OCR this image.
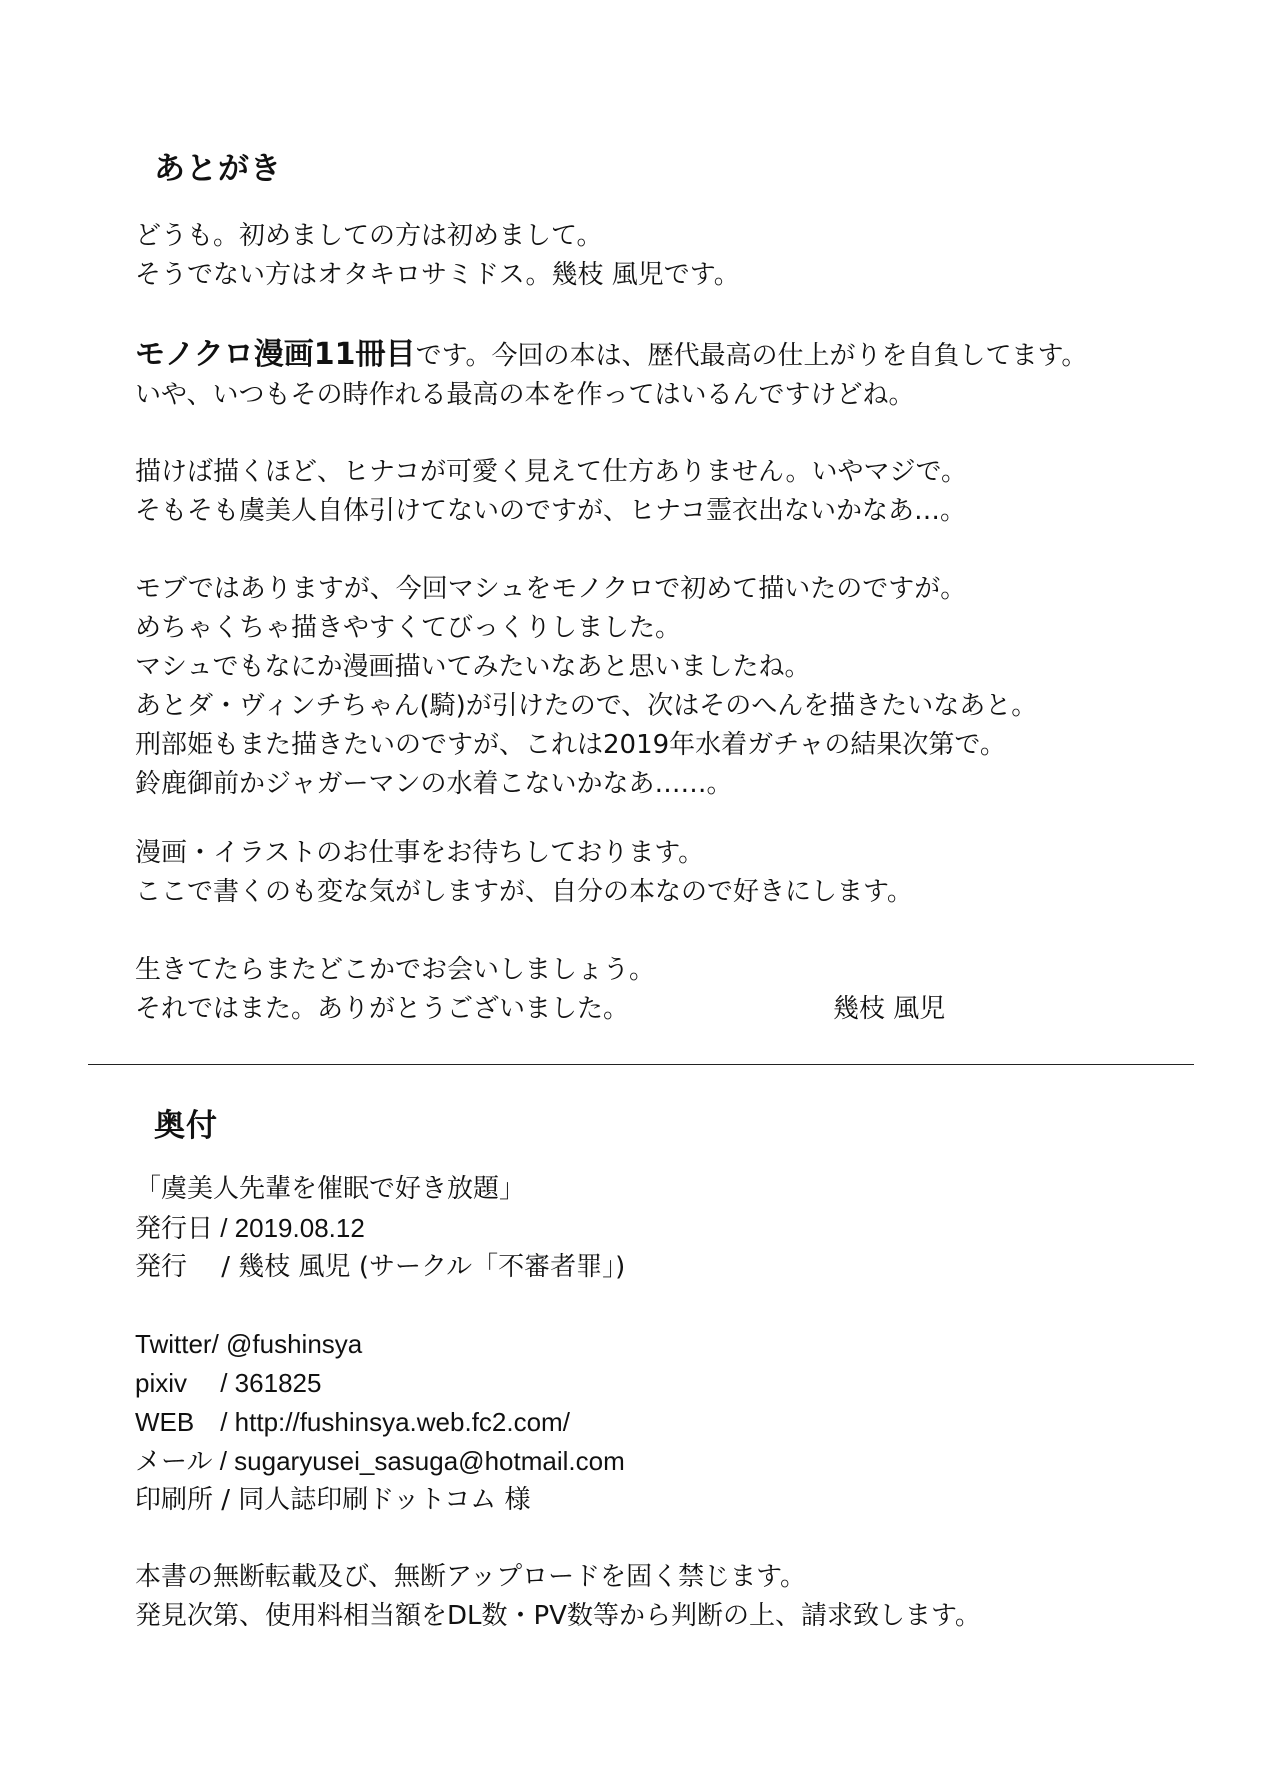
あとがき

どうも。初めましての方は初めまして。

そうでない方はオタキロサミドス。幾枝 風児です。

モノクロ漫画11冊目です。今回の本は、歴代最高の仕上がりを自負してます。

いや、いつもその時作れる最高の本を作ってはいるんですけどね。

描けば描くほど、ヒナコが可愛く見えて仕方ありません。いやマジで。

そもそも虞美人自体引けてないのですが、ヒナコ霊衣出ないかなあ…。

モブではありますが、今回マシュをモノクロで初めて描いたのですが。

めちゃくちゃ描きやすくてびっくりしました。

マシュでもなにか漫画描いてみたいなあと思いましたね。

あとダ・ヴィンチちゃん(騎)が引けたので、次はそのへんを描きたいなあと。

刑部姫もまた描きたいのですが、これは2019年水着ガチャの結果次第で。

鈴鹿御前かジャガーマンの水着こないかなあ……。

漫画・イラストのお仕事をお待ちしております。

ここで書くのも変な気がしますが、自分の本なので好きにします。

生きてたらまたどこかでお会いしましょう。

それではまた。ありがとうございました。	幾枝 風児
奥付

「虞美人先輩を催眠で好き放題」

発行日 / 2019.08.12

発行　 / 幾枝 風児 (サークル「不審者罪」)

Twitter/ @fushinsya

pixiv　 / 361825

WEB　/ http://fushinsya.web.fc2.com/

メール / sugaryusei_sasuga@hotmail.com

印刷所 / 同人誌印刷ドットコム 様

本書の無断転載及び、無断アップロードを固く禁じます。

発見次第、使用料相当額をDL数・PV数等から判断の上、請求致します。
